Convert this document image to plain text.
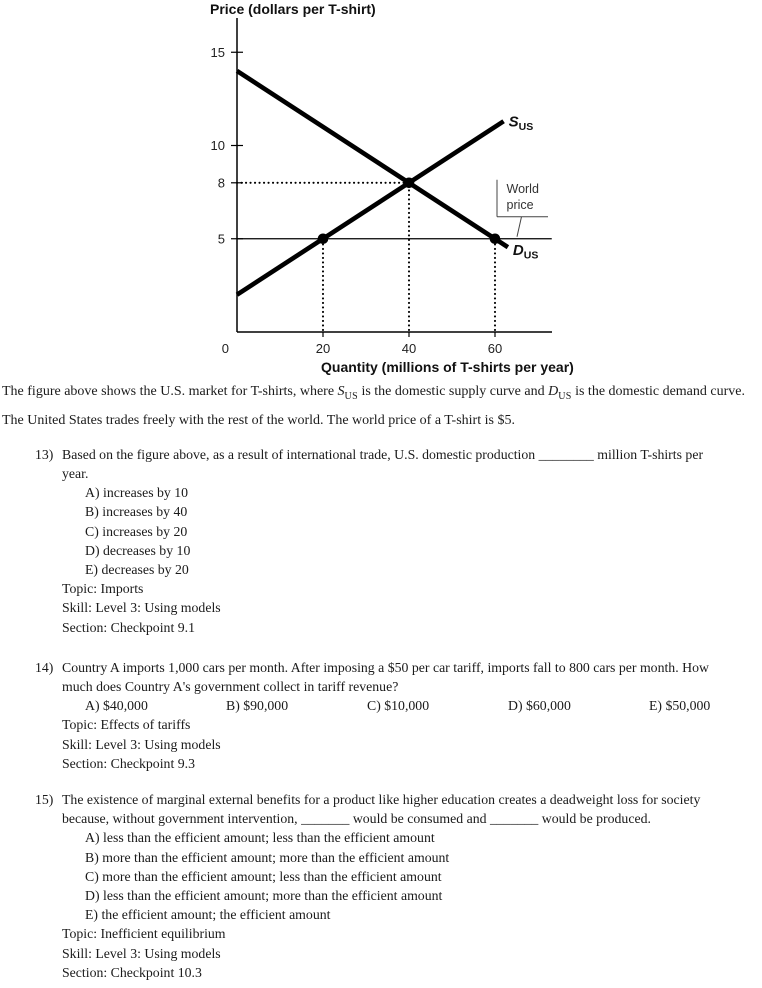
Price (dollars per T-shirt)
15
10
8
5
0	20	40	60
$S_{US}$
$D_{US}$
World
price
Quantity (millions of T-shirts per year)

The figure above shows the U.S. market for T-shirts, where $S_{US}$ is the domestic supply curve and $D_{US}$ is the domestic demand curve. The United States trades freely with the rest of the world. The world price of a T-shirt is $5.

13) Based on the figure above, as a result of international trade, U.S. domestic production ________ million T-shirts per year.
A) increases by 10
B) increases by 40
C) increases by 20
D) decreases by 10
E) decreases by 20
Topic: Imports
Skill: Level 3: Using models
Section: Checkpoint 9.1
14) Country A imports 1,000 cars per month. After imposing a $50 per car tariff, imports fall to 800 cars per month. How much does Country A's government collect in tariff revenue?
A) $40,000	B) $90,000	C) $10,000	D) $60,000	E) $50,000
Topic: Effects of tariffs
Skill: Level 3: Using models
Section: Checkpoint 9.3
15) The existence of marginal external benefits for a product like higher education creates a deadweight loss for society because, without government intervention, _______ would be consumed and _______ would be produced.
A) less than the efficient amount; less than the efficient amount
B) more than the efficient amount; more than the efficient amount
C) more than the efficient amount; less than the efficient amount
D) less than the efficient amount; more than the efficient amount
E) the efficient amount; the efficient amount
Topic: Inefficient equilibrium
Skill: Level 3: Using models
Section: Checkpoint 10.3
